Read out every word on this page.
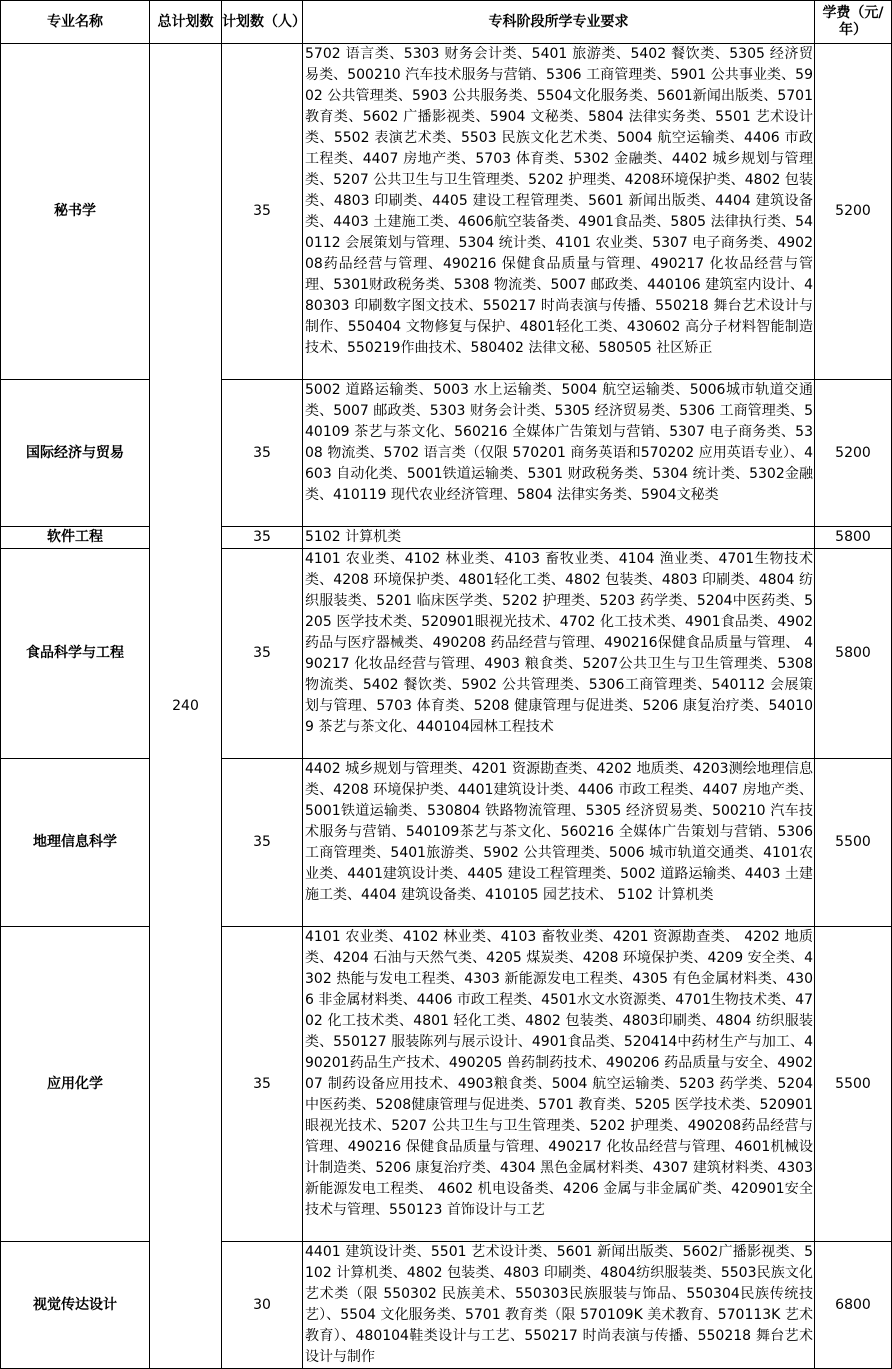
专业名称	总计划数	计划数（人）	专科阶段所学专业要求	学费（元/年）
秘书学	240	35	5702 语言类、5303 财务会计类、5401 旅游类、5402 餐饮类、5305 经济贸易类、500210 汽车技术服务与营销、5306 工商管理类、5901 公共事业类、5902 公共管理类、5903 公共服务类、5504文化服务类、5601新闻出版类、5701教育类、5602 广播影视类、5904 文秘类、5804 法律实务类、5501 艺术设计类、5502 表演艺术类、5503 民族文化艺术类、5004 航空运输类、4406 市政工程类、4407 房地产类、5703 体育类、5302 金融类、4402 城乡规划与管理类、5207 公共卫生与卫生管理类、5202 护理类、4208环境保护类、4802 包装类、4803 印刷类、4405 建设工程管理类、5601 新闻出版类、4404 建筑设备类、4403 土建施工类、4606航空装备类、4901食品类、5805 法律执行类、540112 会展策划与管理、5304 统计类、4101 农业类、5307 电子商务类、490208药品经营与管理、490216 保健食品质量与管理、490217 化妆品经营与管理、5301财政税务类、5308 物流类、5007 邮政类、440106 建筑室内设计、480303 印刷数字图文技术、550217 时尚表演与传播、550218 舞台艺术设计与制作、550404 文物修复与保护、4801轻化工类、430602 高分子材料智能制造技术、550219作曲技术、580402 法律文秘、580505 社区矫正	5200
国际经济与贸易		35	5002 道路运输类、5003 水上运输类、5004 航空运输类、5006城市轨道交通类、5007 邮政类、5303 财务会计类、5305 经济贸易类、5306 工商管理类、540109 茶艺与茶文化、560216 全媒体广告策划与营销、5307 电子商务类、5308 物流类、5702 语言类（仅限 570201 商务英语和570202 应用英语专业）、4603 自动化类、5001铁道运输类、5301 财政税务类、5304 统计类、5302金融类、410119 现代农业经济管理、5804 法律实务类、5904文秘类	5200
软件工程		35	5102 计算机类	5800
食品科学与工程		35	4101 农业类、4102 林业类、4103 畜牧业类、4104 渔业类、4701生物技术类、4208 环境保护类、4801轻化工类、4802 包装类、4803 印刷类、4804 纺织服装类、5201 临床医学类、5202 护理类、5203 药学类、5204中医药类、5205 医学技术类、520901眼视光技术、4702 化工技术类、4901食品类、4902 药品与医疗器械类、490208 药品经营与管理、490216保健食品质量与管理、 490217 化妆品经营与管理、4903 粮食类、5207公共卫生与卫生管理类、5308 物流类、5402 餐饮类、5902 公共管理类、5306工商管理类、540112 会展策划与管理、5703 体育类、5208 健康管理与促进类、5206 康复治疗类、540109 茶艺与茶文化、440104园林工程技术	5800
地理信息科学		35	4402 城乡规划与管理类、4201 资源勘查类、4202 地质类、4203测绘地理信息类、4208 环境保护类、4401建筑设计类、4406 市政工程类、4407 房地产类、5001铁道运输类、530804 铁路物流管理、5305 经济贸易类、500210 汽车技术服务与营销、540109茶艺与茶文化、560216 全媒体广告策划与营销、5306 工商管理类、5401旅游类、5902 公共管理类、5006 城市轨道交通类、4101农业类、4401建筑设计类、4405 建设工程管理类、5002 道路运输类、4403 土建施工类、4404 建筑设备类、410105 园艺技术、 5102 计算机类	5500
应用化学		35	4101 农业类、4102 林业类、4103 畜牧业类、4201 资源勘查类、 4202 地质类、4204 石油与天然气类、4205 煤炭类、4208 环境保护类、4209 安全类、4302 热能与发电工程类、4303 新能源发电工程类、4305 有色金属材料类、4306 非金属材料类、4406 市政工程类、4501水文水资源类、4701生物技术类、4702 化工技术类、4801 轻化工类、4802 包装类、4803印刷类、4804 纺织服装类、550127 服装陈列与展示设计、4901食品类、520414中药材生产与加工、490201药品生产技术、490205 兽药制药技术、490206 药品质量与安全、490207 制药设备应用技术、4903粮食类、5004 航空运输类、5203 药学类、5204 中医药类、5208健康管理与促进类、5701 教育类、5205 医学技术类、520901 眼视光技术、5207 公共卫生与卫生管理类、5202 护理类、490208药品经营与管理、490216 保健食品质量与管理、490217 化妆品经营与管理、4601机械设计制造类、5206 康复治疗类、4304 黑色金属材料类、4307 建筑材料类、4303 新能源发电工程类、 4602 机电设备类、4206 金属与非金属矿类、420901安全技术与管理、550123 首饰设计与工艺	5500
视觉传达设计		30	4401 建筑设计类、5501 艺术设计类、5601 新闻出版类、5602广播影视类、5102 计算机类、4802 包装类、4803 印刷类、4804纺织服装类、5503民族文化艺术类（限 550302 民族美术、550303民族服装与饰品、550304民族传统技艺）、5504 文化服务类、5701 教育类（限 570109K 美术教育、570113K 艺术教育）、480104鞋类设计与工艺、550217 时尚表演与传播、550218 舞台艺术设计与制作	6800
